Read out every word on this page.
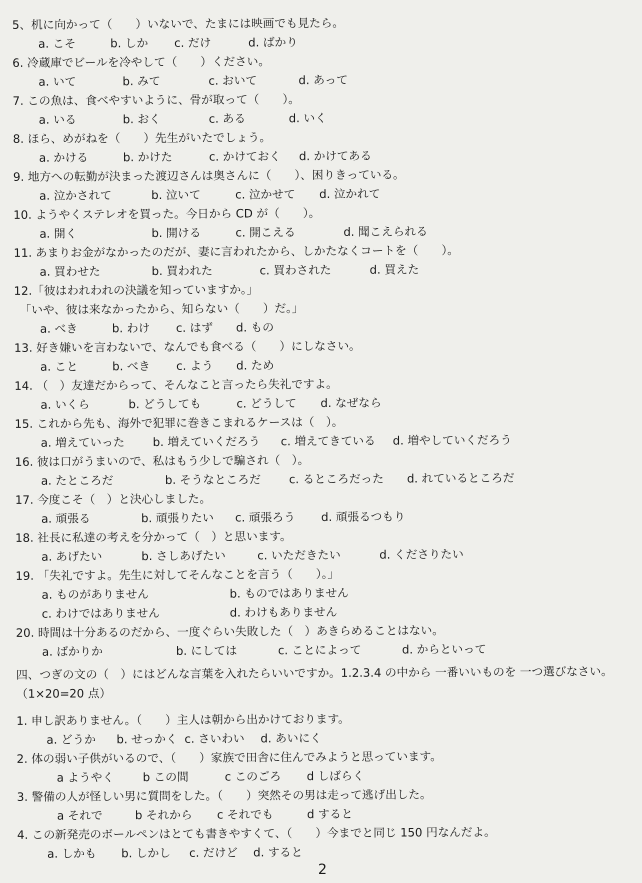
5、机に向かって（　　）いないで、たまには映画でも見たら。
a. こそ	b. しか c. だけ	d. ばかり
6. 冷蔵庫でビールを冷やして（　　）ください。
a. いて	b. みて	c. おいて	d. あって
7. この魚は、食べやすいように、骨が取って（　　）。
a. いる	b. おく	c. ある	d. いく
8. ほら、めがねを（　　）先生がいたでしょう。
a. かける	b. かけた	c. かけておく d. かけてある
9. 地方への転勤が決まった渡辺さんは奥さんに（　　）、困りきっている。
a. 泣かされて	b. 泣いて	c. 泣かせて d. 泣かれて
10. ようやくステレオを買った。今日から CD が（　　）。
a. 開く	b. 開ける	c. 開こえる	d. 聞こえられる
11. あまりお金がなかったのだが、妻に言われたから、しかたなくコートを（　　）。
a. 買わせた	b. 買われた	c. 買わされた	d. 買えた
12.「彼はわれわれの決議を知っていますか。」
　「いや、彼は来なかったから、知らない（　　）だ。」
a. べき	b. わけ c. はず d. もの
13. 好き嫌いを言わないで、なんでも食べる（　　）にしなさい。
a. こと	b. べき c. よう d. ため
14. （　）友達だからって、そんなこと言ったら失礼ですよ。
a. いくら	b. どうしても	c. どうして d. なぜなら
15. これから先も、海外で犯罪に巻きこまれるケースは（　）。
a. 増えていった b. 増えていくだろう c. 増えてきている d. 増やしていくだろう
16. 彼は口がうまいので、私はもう少しで騙され（　）。
a. たところだ	b. そうなところだ c. るところだった d. れているところだ
17. 今度こそ（　）と決心しました。
a. 頑張る	b. 頑張りたい c. 頑張ろう d. 頑張るつもり
18. 社長に私達の考えを分かって（　）と思います。
a. あげたい	b. さしあげたい	c. いただきたい	d. くださりたい
19. 「失礼ですよ。先生に対してそんなことを言う（　　）。」
a. ものがありません	b. ものではありません
c. わけではありません	d. わけもありません
20. 時間は十分あるのだから、一度ぐらい失敗した（　）あきらめることはない。
a. ばかりか	b. にしては	c. ことによって	d. からといって
四、つぎの文の（　）にはどんな言葉を入れたらいいですか。1.2.3.4 の中から 一番いいものを 一つ選びなさい。（1×20=20 点）
1. 申し訳ありません。（　　）主人は朝から出かけております。
a. どうか b. せっかく c. さいわい d. あいにく
2. 体の弱い子供がいるので、（　　）家族で田舎に住んでみようと思っています。
a ようやく b この間	c このごろ d しばらく
3. 警備の人が怪しい男に質問をした。（　　）突然その男は走って逃げ出した。
a それで	b それから c それでも	d すると
4. この新発売のボールペンはとても書きやすくて、（　　）今までと同じ 150 円なんだよ。
a. しかも b. しかし c. だけど d. すると
2
